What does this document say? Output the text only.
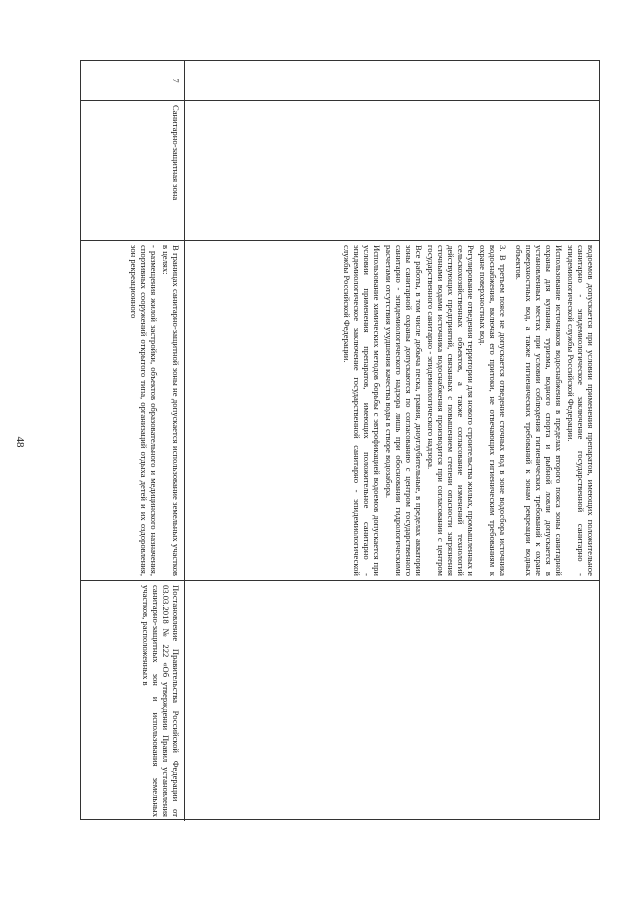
48	водоемов допускается при условии применения препаратов, имеющих положительное санитарно - эпидемиологическое заключение государственной санитарно - эпидемиологической службы Российской Федерации.

Использование источников водоснабжения в пределах второго пояса зоны санитарной охраны для купания, туризма, водного спорта и рыбной ловли допускается в установленных местах при условии соблюдения гигиенических требований к охране поверхностных вод, а также гигиенических требований к зонам рекреации водных объектов.

3. В третьем поясе не допускается отведение сточных вод в зоне водосбора источника водоснабжения, включая его притоки, не отвечающих гигиеническим требованиям к охране поверхностных вод.

Регулирование отведения территории для нового строительства жилых, промышленных и сельскохозяйственных объектов, а также согласование изменений технологий действующих предприятий, связанных с повышением степени опасности загрязнения сточными водами источника водоснабжения производится при согласовании с центром государственного санитарно - эпидемиологического надзора.

Все работы, в том числе добыча песка, гравия, дноуглубительные, в пределах акватории зоны санитарной охраны допускаются по согласованию с центром государственного санитарно - эпидемиологического надзора лишь при обосновании гидрологическими расчетами отсутствия ухудшения качества воды в створе водозабора.

Использование химических методов борьбы с эвтрофикацией водоемов допускается при условии применения препаратов, имеющих положительное санитарно - эпидемиологическое заключение государственной санитарно - эпидемиологической службы Российской Федерации.

7
Санитарно-защитная зона

В границах санитарно-защитной зоны не допускается использование земельных участков в целях:

- размещения жилой застройки, объектов образовательного и медицинского назначения, спортивных сооружений открытого типа, организаций отдыха детей и их оздоровления, зон рекреационного

Постановление Правительства Российской Федерации от 03.03.2018 № 222 «Об утверждении Правил установления санитарно-защитных зон и использования земельных участков, расположенных в
